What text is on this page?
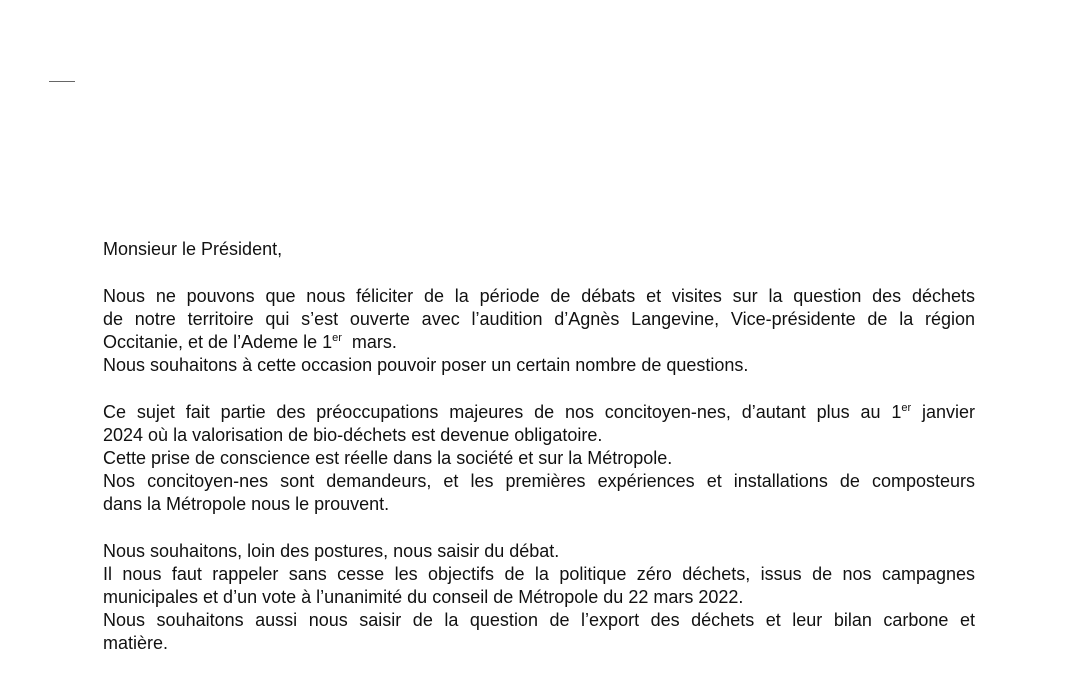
Monsieur le Président,
Nous ne pouvons que nous féliciter de la période de débats et visites sur la question des déchets
de notre territoire qui s’est ouverte avec l’audition d’Agnès Langevine, Vice-présidente de la région
Occitanie, et de l’Ademe le 1er  mars.
Nous souhaitons à cette occasion pouvoir poser un certain nombre de questions.
Ce sujet fait partie des préoccupations majeures de nos concitoyen-nes, d’autant plus au 1er janvier
2024 où la valorisation de bio-déchets est devenue obligatoire.
Cette prise de conscience est réelle dans la société et sur la Métropole.
Nos concitoyen-nes sont demandeurs, et les premières expériences et installations de composteurs
dans la Métropole nous le prouvent.
Nous souhaitons, loin des postures, nous saisir du débat.
Il nous faut rappeler sans cesse les objectifs de la politique zéro déchets, issus de nos campagnes
municipales et d’un vote à l’unanimité du conseil de Métropole du 22 mars 2022.
Nous souhaitons aussi nous saisir de la question de l’export des déchets et leur bilan carbone et
matière.
